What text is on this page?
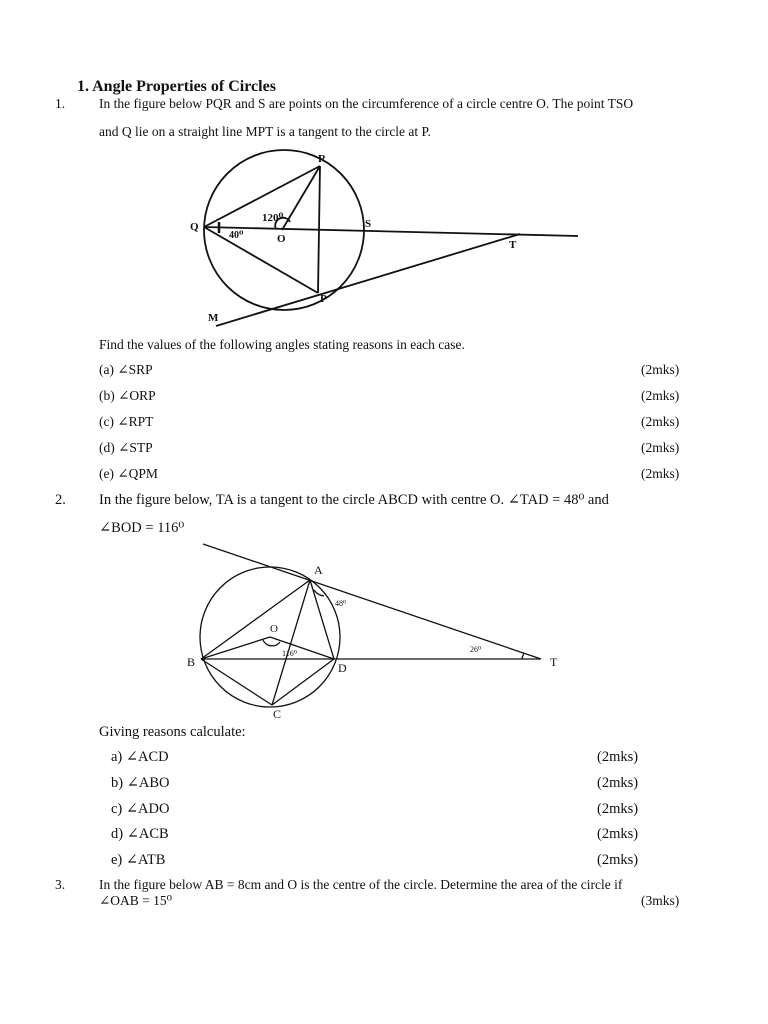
1. Angle Properties of Circles
1.	In the figure below PQR and S are points on the circumference of a circle centre O. The point TSO
and Q lie on a straight line MPT is a tangent to the circle at P.
R
Q	S
O	T
P
M
120⁰
40⁰
Find the values of the following angles stating reasons in each case.
(a) ∠SRP	(2mks)
(b) ∠ORP	(2mks)
(c) ∠RPT	(2mks)
(d) ∠STP	(2mks)
(e) ∠QPM	(2mks)
2. In the figure below, TA is a tangent to the circle ABCD with centre O. ∠TAD = 48⁰ and
∠BOD = 116⁰
A
O
B	D
C
T
48⁰
116⁰	26⁰
Giving reasons calculate:
a) ∠ACD	(2mks)
b) ∠ABO	(2mks)
c) ∠ADO	(2mks)
d) ∠ACB	(2mks)
e) ∠ATB	(2mks)
3.	In the figure below AB = 8cm and O is the centre of the circle. Determine the area of the circle if
∠OAB = 15⁰	(3mks)
